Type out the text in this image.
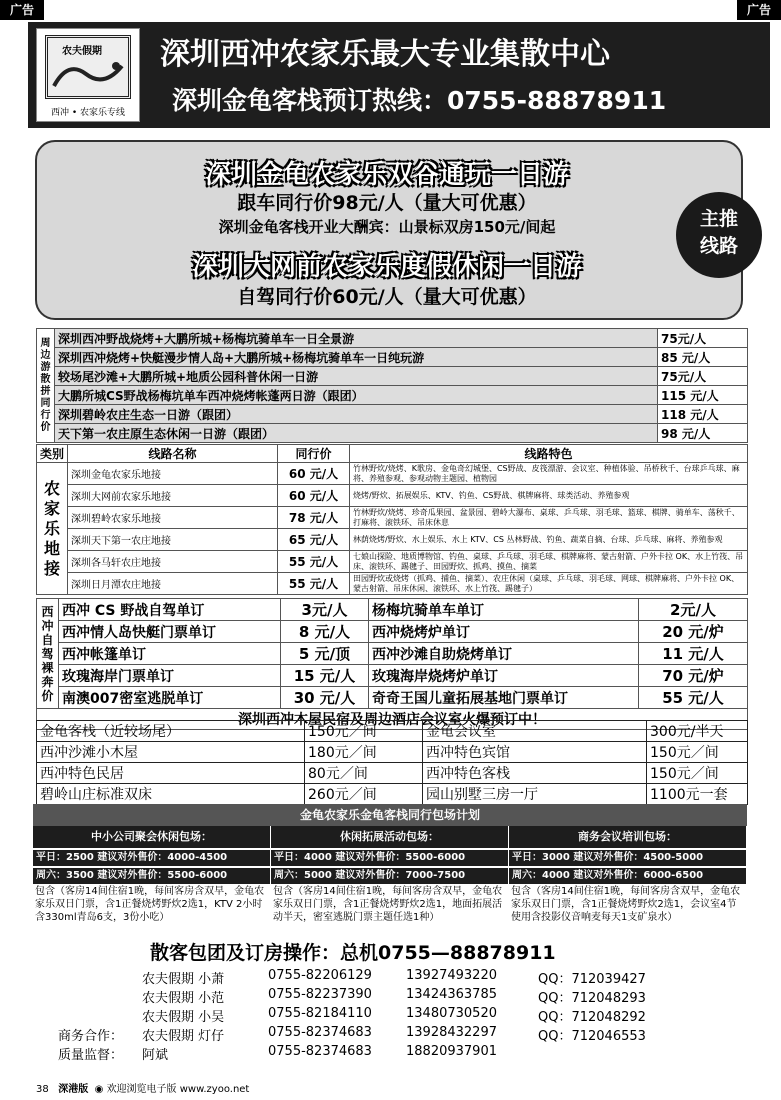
广告	广告
深圳西冲农家乐最大专业集散中心
深圳金龟客栈预订热线：0755-88878911
农夫假期
西冲 • 农家乐专线
深圳金龟农家乐双谷通玩一日游
跟车同行价98元/人（量大可优惠）
深圳金龟客栈开业大酬宾：山景标双房150元/间起
深圳大网前农家乐度假休闲一日游
自驾同行价60元/人（量大可优惠）
主推
线路
周边游散拼同行价	深圳西冲野战烧烤+大鹏所城+杨梅坑骑单车一日全景游	75元/人
	深圳西冲烧烤+快艇漫步情人岛+大鹏所城+杨梅坑骑单车一日纯玩游	85 元/人
	较场尾沙滩+大鹏所城+地质公园科普休闲一日游	75元/人
	大鹏所城CS野战杨梅坑单车西冲烧烤帐蓬两日游（跟团）	115 元/人
	深圳碧岭农庄生态一日游（跟团）	118 元/人
	天下第一农庄原生态休闲一日游（跟团）	98 元/人
类别	线路名称	同行价	线路特色
农家乐地接	深圳金龟农家乐地接	60 元/人	竹林野炊/烧烤、K歌房、金龟奇幻城堡、CS野战、皮筏漂游、会议室、种植体验、吊桥秋千、台球乒乓球、麻将、养殖参观、参观动物主题园、植物园
	深圳大网前农家乐地接	60 元/人	烧烤/野炊、拓展娱乐、KTV、钓鱼、CS野战、棋牌麻将、球类活动、养殖参观
	深圳碧岭农家乐地接	78 元/人	竹林野炊/烧烤、珍奇瓜果园、盆景园、碧岭大瀑布、桌球、乒乓球、羽毛球、篮球、棋牌、骑单车、荡秋千、打麻将、滚铁环、吊床休息
	深圳天下第一农庄地接	65 元/人	林荫烧烤/野炊、水上娱乐、水上 KTV、CS 丛林野战、钓鱼、蔬菜自摘、台球、乒乓球、麻将、养殖参观
	深圳各马轩农庄地接	55 元/人	七娘山探险、地质博物馆、钓鱼、桌球、乒乓球、羽毛球、棋牌麻将、蒙古射箭、户外卡拉 OK、水上竹筏、吊床、滚铁环、踢毽子、田园野炊、抓鸡、摸鱼、摘菜
	深圳日月潭农庄地接	55 元/人	田园野炊或烧烤（抓鸡、捕鱼、摘菜）、农庄休闲（桌球、乒乓球、羽毛球、网球、棋牌麻将、户外卡拉 OK、蒙古射箭、吊床休闲、滚铁环、水上竹筏、踢毽子）
西冲自驾裸奔价	西冲 CS 野战自驾单订	3元/人	杨梅坑骑单车单订	2元/人
	西冲情人岛快艇门票单订	8 元/人	西冲烧烤炉单订	20 元/炉
	西冲帐篷单订	5 元/顶	西冲沙滩自助烧烤单订	11 元/人
	玫瑰海岸门票单订	15 元/人	玫瑰海岸烧烤炉单订	70 元/炉
	南澳007密室逃脱单订	30 元/人	奇奇王国儿童拓展基地门票单订	55 元/人
深圳西冲木屋民宿及周边酒店会议室火爆预订中！				
金龟客栈（近较场尾）	150元／间	金龟会议室	300元/半天
西冲沙滩小木屋	180元／间	西冲特色宾馆	150元／间
西冲特色民居	80元／间	西冲特色客栈	150元／间
碧岭山庄标准双床	260元／间	园山别墅三房一厅	1100元一套
金龟农家乐金龟客栈同行包场计划
中小公司聚会休闲包场：
平日：2500 建议对外售价：4000-4500
周六：3500 建议对外售价：5500-6000
包含（客房14间住宿1晚，每间客房含双早，金龟农家乐双日门票，含1正餐烧烤野炊2选1，KTV 2小时含330ml青岛6支，3份小吃）
休闲拓展活动包场：
平日：4000 建议对外售价：5500-6000
周六：5000 建议对外售价：7000-7500
包含（客房14间住宿1晚，每间客房含双早，金龟农家乐双日门票，含1正餐烧烤野炊2选1，地面拓展活动半天，密室逃脱门票主题任选1种）
商务会议培训包场：
平日：3000 建议对外售价：4500-5000
周六：4000 建议对外售价：6000-6500
包含（客房14间住宿1晚，每间客房含双早，金龟农家乐双日门票，含1正餐烧烤野炊2选1，会议室4节使用含投影仪音响麦每天1支矿泉水）
散客包团及订房操作：总机0755—88878911
农夫假期 小萧	0755-82206129	13927493220	QQ：712039427
农夫假期 小范	0755-82237390	13424363785	QQ：712048293
农夫假期 小吴	0755-82184110	13480730520	QQ：712048292
商务合作： 农夫假期 灯仔	0755-82374683	13928432297	QQ：712046553
质量监督： 阿斌	0755-82374683	18820937901
38 深港版 ◉ 欢迎浏览电子版 www.zyoo.net
